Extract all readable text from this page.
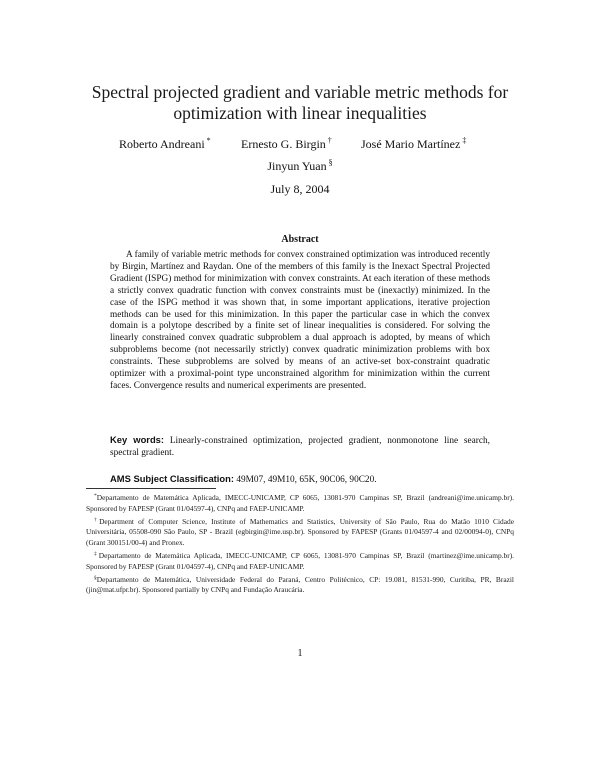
Spectral projected gradient and variable metric methods for
optimization with linear inequalities
Roberto Andreani *	Ernesto G. Birgin † José Mario Martínez ‡
Jinyun Yuan §
July 8, 2004
Abstract
A family of variable metric methods for convex constrained optimization was introduced recently by Birgin, Martínez and Raydan. One of the members of this family is the Inexact Spectral Projected Gradient (ISPG) method for minimization with convex constraints. At each iteration of these methods a strictly convex quadratic function with convex constraints must be (inexactly) minimized. In the case of the ISPG method it was shown that, in some important applications, iterative projection methods can be used for this minimization. In this paper the particular case in which the convex domain is a polytope described by a finite set of linear inequalities is considered. For solving the linearly constrained convex quadratic subproblem a dual approach is adopted, by means of which subproblems become (not necessarily strictly) convex quadratic minimization problems with box constraints. These subproblems are solved by means of an active-set box-constraint quadratic optimizer with a proximal-point type unconstrained algorithm for minimization within the current faces. Convergence results and numerical experiments are presented.
Key words: Linearly-constrained optimization, projected gradient, nonmonotone line search, spectral gradient.
AMS Subject Classification: 49M07, 49M10, 65K, 90C06, 90C20.

*Departamento de Matemática Aplicada, IMECC-UNICAMP, CP 6065, 13081-970 Campinas SP, Brazil (andreani@ime.unicamp.br). Sponsored by FAPESP (Grant 01/04597-4), CNPq and FAEP-UNICAMP.

†Department of Computer Science, Institute of Mathematics and Statistics, University of São Paulo, Rua do Matão 1010 Cidade Universitária, 05508-090 São Paulo, SP - Brazil (egbirgin@ime.usp.br). Sponsored by FAPESP (Grants 01/04597-4 and 02/00094-0), CNPq (Grant 300151/00-4) and Pronex.

‡Departamento de Matemática Aplicada, IMECC-UNICAMP, CP 6065, 13081-970 Campinas SP, Brazil (martinez@ime.unicamp.br). Sponsored by FAPESP (Grant 01/04597-4), CNPq and FAEP-UNICAMP.

§Departamento de Matemática, Universidade Federal do Paraná, Centro Politécnico, CP: 19.081, 81531-990, Curitiba, PR, Brazil (jin@mat.ufpr.br). Sponsored partially by CNPq and Fundação Araucária.

1
